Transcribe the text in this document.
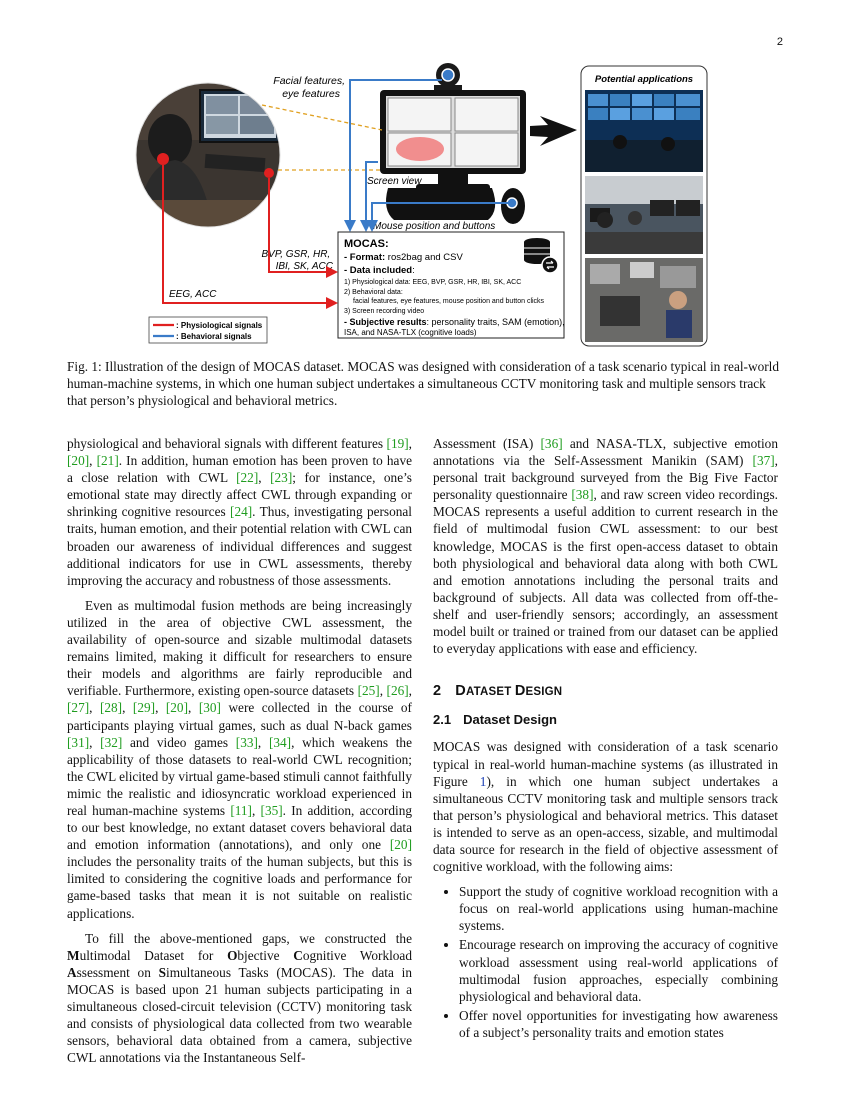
2
Facial features, eye features
Screen view
Mouse position and buttons
BVP, GSR, HR, IBI, SK, ACC
EEG, ACC
MOCAS:
- Format: ros2bag and CSV
- Data included:
1) Physiological data: EEG, BVP, GSR, HR, IBI, SK, ACC
2) Behavioral data:
facial features, eye features, mouse position and button clicks
3) Screen recording video
- Subjective results: personality traits, SAM (emotion),
ISA, and NASA-TLX (cognitive loads)
: Physiological signals
: Behavioral signals
Potential applications
Fig. 1: Illustration of the design of MOCAS dataset. MOCAS was designed with consideration of a task scenario typical in real-world human-machine systems, in which one human subject undertakes a simultaneous CCTV monitoring task and multiple sensors track that person’s physiological and behavioral metrics.

physiological and behavioral signals with different features [19], [20], [21]. In addition, human emotion has been proven to have a close relation with CWL [22], [23]; for instance, one’s emotional state may directly affect CWL through expanding or shrinking cognitive resources [24]. Thus, investigating personal traits, human emotion, and their potential relation with CWL can broaden our awareness of individual differences and suggest additional indicators for use in CWL assessments, thereby improving the accuracy and robustness of those assessments.

Even as multimodal fusion methods are being increasingly utilized in the area of objective CWL assessment, the availability of open-source and sizable multimodal datasets remains limited, making it difficult for researchers to ensure their models and algorithms are fairly reproducible and verifiable. Furthermore, existing open-source datasets [25], [26], [27], [28], [29], [20], [30] were collected in the course of participants playing virtual games, such as dual N-back games [31], [32] and video games [33], [34], which weakens the applicability of those datasets to real-world CWL recognition; the CWL elicited by virtual game-based stimuli cannot faithfully mimic the realistic and idiosyncratic workload experienced in real human-machine systems [11], [35]. In addition, according to our best knowledge, no extant dataset covers behavioral data and emotion information (annotations), and only one [20] includes the personality traits of the human subjects, but this is limited to considering the cognitive loads and performance for game-based tasks that mean it is not suitable on realistic applications.

To fill the above-mentioned gaps, we constructed the Multimodal Dataset for Objective Cognitive Workload Assessment on Simultaneous Tasks (MOCAS). The data in MOCAS is based upon 21 human subjects participating in a simultaneous closed-circuit television (CCTV) monitoring task and consists of physiological data collected from two wearable sensors, behavioral data obtained from a camera, subjective CWL annotations via the Instantaneous Self-

Assessment (ISA) [36] and NASA-TLX, subjective emotion annotations via the Self-Assessment Manikin (SAM) [37], personal trait background surveyed from the Big Five Factor personality questionnaire [38], and raw screen video recordings. MOCAS represents a useful addition to current research in the field of multimodal fusion CWL assessment: to our best knowledge, MOCAS is the first open-access dataset to obtain both physiological and behavioral data along with both CWL and emotion annotations including the personal traits and background of subjects. All data was collected from off-the-shelf and user-friendly sensors; accordingly, an assessment model built or trained or trained from our dataset can be applied to everyday applications with ease and efficiency.

2 DATASET DESIGN
2.1 Dataset Design

MOCAS was designed with consideration of a task scenario typical in real-world human-machine systems (as illustrated in Figure 1), in which one human subject undertakes a simultaneous CCTV monitoring task and multiple sensors track that person’s physiological and behavioral metrics. This dataset is intended to serve as an open-access, sizable, and multimodal data source for research in the field of objective assessment of cognitive workload, with the following aims:

• Support the study of cognitive workload recognition with a focus on real-world applications using human-machine systems.
• Encourage research on improving the accuracy of cognitive workload assessment using real-world applications of multimodal fusion approaches, especially combining physiological and behavioral data.
• Offer novel opportunities for investigating how awareness of a subject’s personality traits and emotion states
